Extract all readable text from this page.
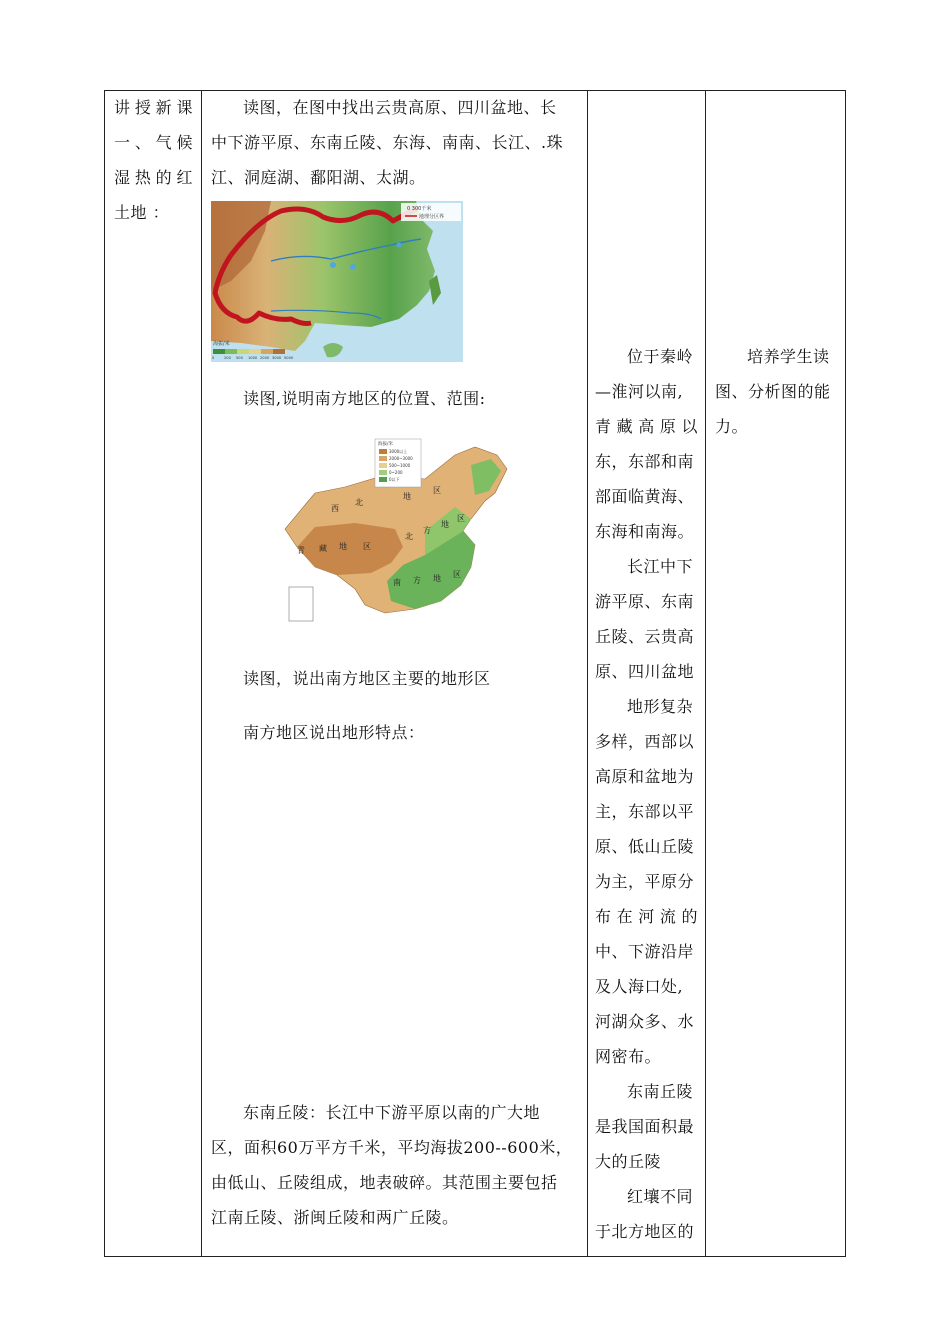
讲授新课
一、气候
湿热的红
土地 ：
读图，在图中找出云贵高原、四川盆地、长
中下游平原、东南丘陵、东海、南南、长江、.珠
江、洞庭湖、鄱阳湖、太湖。
读图,说明南方地区的位置、范围:
读图，说出南方地区主要的地形区
南方地区说出地形特点：
东南丘陵：长江中下游平原以南的广大地
区，面积60万平方千米，平均海拔200--600米，
由低山、丘陵组成，地表破碎。其范围主要包括
江南丘陵、浙闽丘陵和两广丘陵。
0 300千米
地理分区界
海拔/米
0	200 500 1000 2000 3000 5000
海拔/米
3000以上
2000~3000
500~1000
0~200
0以下
西
北
地
区
青 藏 地 区
北
方
地
区
南 方 地 区
位于秦岭
—淮河以南,
青藏高原以
东，东部和南
部面临黄海、
东海和南海。
长江中下
游平原、东南
丘陵、云贵高
原、四川盆地
地形复杂
多样，西部以
高原和盆地为
主，东部以平
原、低山丘陵
为主，平原分
布在河流的
中、下游沿岸
及人海口处,
河湖众多、水
网密布。
东南丘陵
是我国面积最
大的丘陵
红壤不同
于北方地区的
培养学生读
图、分析图的能
力。
